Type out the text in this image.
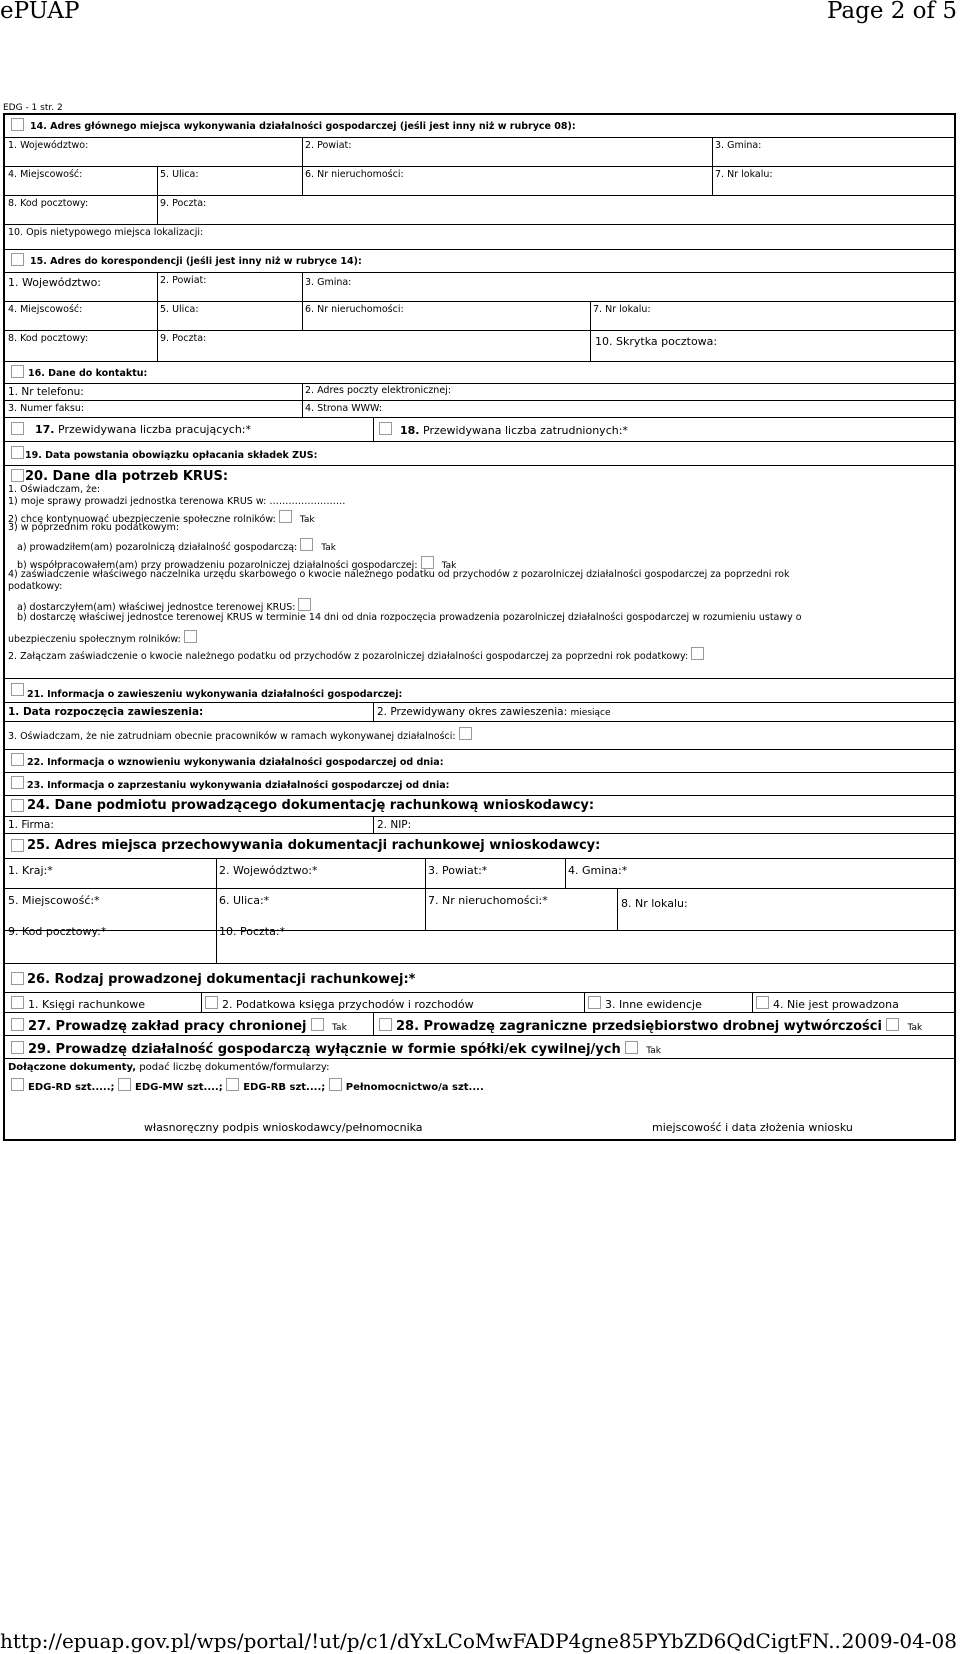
ePUAP	Page 2 of 5
EDG - 1 str. 2
14. Adres głównego miejsca wykonywania działalności gospodarczej (jeśli jest inny niż w rubryce 08):
1. Województwo:	2. Powiat:	3. Gmina:
4. Miejscowość:	5. Ulica:	6. Nr nieruchomości:	7. Nr lokalu:
8. Kod pocztowy:	9. Poczta:
10. Opis nietypowego miejsca lokalizacji:
15. Adres do korespondencji (jeśli jest inny niż w rubryce 14):
1. Województwo:	2. Powiat:	3. Gmina:
4. Miejscowość:	5. Ulica:	6. Nr nieruchomości:	7. Nr lokalu:
8. Kod pocztowy:	9. Poczta:	10. Skrytka pocztowa:
16. Dane do kontaktu:
1. Nr telefonu:	2. Adres poczty elektronicznej:
3. Numer faksu:	4. Strona WWW:
17. Przewidywana liczba pracujących:*	18. Przewidywana liczba zatrudnionych:*
19. Data powstania obowiązku opłacania składek ZUS:
20. Dane dla potrzeb KRUS:
1. Oświadczam, że:
1) moje sprawy prowadzi jednostka terenowa KRUS w: ……………………
2) chcę kontynuować ubezpieczenie społeczne rolników:	Tak
3) w poprzednim roku podatkowym:
a) prowadziłem(am) pozarolniczą działalność gospodarczą:	Tak
b) współpracowałem(am) przy prowadzeniu pozarolniczej działalności gospodarczej:	Tak
4) zaświadczenie właściwego naczelnika urzędu skarbowego o kwocie należnego podatku od przychodów z pozarolniczej działalności gospodarczej za poprzedni rok
podatkowy:
a) dostarczyłem(am) właściwej jednostce terenowej KRUS:
b) dostarczę właściwej jednostce terenowej KRUS w terminie 14 dni od dnia rozpoczęcia prowadzenia pozarolniczej działalności gospodarczej w rozumieniu ustawy o
ubezpieczeniu społecznym rolników:
2. Załączam zaświadczenie o kwocie należnego podatku od przychodów z pozarolniczej działalności gospodarczej za poprzedni rok podatkowy:
21. Informacja o zawieszeniu wykonywania działalności gospodarczej:
1. Data rozpoczęcia zawieszenia:	2. Przewidywany okres zawieszenia: miesiące
3. Oświadczam, że nie zatrudniam obecnie pracowników w ramach wykonywanej działalności:
22. Informacja o wznowieniu wykonywania działalności gospodarczej od dnia:
23. Informacja o zaprzestaniu wykonywania działalności gospodarczej od dnia:
24. Dane podmiotu prowadzącego dokumentację rachunkową wnioskodawcy:
1. Firma:	2. NIP:
25. Adres miejsca przechowywania dokumentacji rachunkowej wnioskodawcy:
1. Kraj:*	2. Województwo:*	3. Powiat:*	4. Gmina:*
5. Miejscowość:*	6. Ulica:*	7. Nr nieruchomości:*	8. Nr lokalu:
9. Kod pocztowy:*	10. Poczta:*
26. Rodzaj prowadzonej dokumentacji rachunkowej:*
1. Księgi rachunkowe	2. Podatkowa księga przychodów i rozchodów	3. Inne ewidencje	4. Nie jest prowadzona
27. Prowadzę zakład pracy chronionej	Tak	28. Prowadzę zagraniczne przedsiębiorstwo drobnej wytwórczości	Tak
29. Prowadzę działalność gospodarczą wyłącznie w formie spółki/ek cywilnej/ych	Tak
Dołączone dokumenty, podać liczbę dokumentów/formularzy:
EDG-RD szt.....; EDG-MW szt....; EDG-RB szt....; Pełnomocnictwo/a szt....
własnoręczny podpis wnioskodawcy/pełnomocnika	miejscowość i data złożenia wniosku
http://epuap.gov.pl/wps/portal/!ut/p/c1/dYxLCoMwFADP4gne85PYbZD6QdCigtFN...
2009-04-08
